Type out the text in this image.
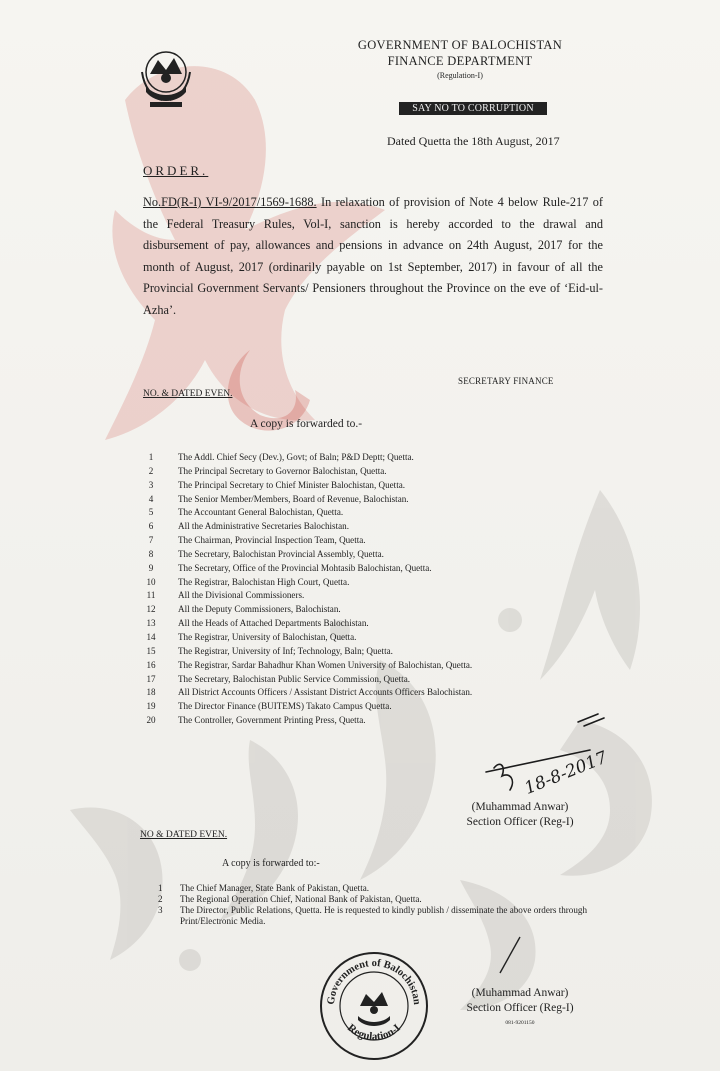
GOVERNMENT OF BALOCHISTAN
FINANCE DEPARTMENT
(Regulation-I)
SAY NO TO CORRUPTION
Dated Quetta the 18th August, 2017
ORDER.
No.FD(R-I) VI-9/2017/1569-1688. In relaxation of provision of Note 4 below Rule-217 of the Federal Treasury Rules, Vol-I, sanction is hereby accorded to the drawal and disbursement of pay, allowances and pensions in advance on 24th August, 2017 for the month of August, 2017 (ordinarily payable on 1st September, 2017) in favour of all the Provincial Government Servants/ Pensioners throughout the Province on the eve of ‘Eid-ul-Azha’.
NO. & DATED EVEN.
SECRETARY FINANCE
A copy is forwarded to.-
1	The Addl. Chief Secy (Dev.), Govt; of Baln; P&D Deptt; Quetta.
2	The Principal Secretary to Governor Balochistan, Quetta.
3	The Principal Secretary to Chief Minister Balochistan, Quetta.
4	The Senior Member/Members, Board of Revenue, Balochistan.
5	The Accountant General Balochistan, Quetta.
6	All the Administrative Secretaries Balochistan.
7	The Chairman, Provincial Inspection Team, Quetta.
8	The Secretary, Balochistan Provincial Assembly, Quetta.
9	The Secretary, Office of the Provincial Mohtasib Balochistan, Quetta.
10 The Registrar, Balochistan High Court, Quetta.
11 All the Divisional Commissioners.
12 All the Deputy Commissioners, Balochistan.
13 All the Heads of Attached Departments Balochistan.
14 The Registrar, University of Balochistan, Quetta.
15 The Registrar, University of Inf; Technology, Baln; Quetta.
16 The Registrar, Sardar Bahadhur Khan Women University of Balochistan, Quetta.
17 The Secretary, Balochistan Public Service Commission, Quetta.
18 All District Accounts Officers / Assistant District Accounts Officers Balochistan.
19 The Director Finance (BUITEMS) Takato Campus Quetta.
20 The Controller, Government Printing Press, Quetta.
18-8-2017
(Muhammad Anwar)
Section Officer (Reg-I)
NO & DATED EVEN.
A copy is forwarded to:-
1 The Chief Manager, State Bank of Pakistan, Quetta.
2 The Regional Operation Chief, National Bank of Pakistan, Quetta.
3 The Director, Public Relations, Quetta. He is requested to kindly publish / disseminate the above orders through Print/Electronic Media.
Government of Balochistan
Regulation-I
(Muhammad Anwar)
Section Officer (Reg-I)
081-9201150
